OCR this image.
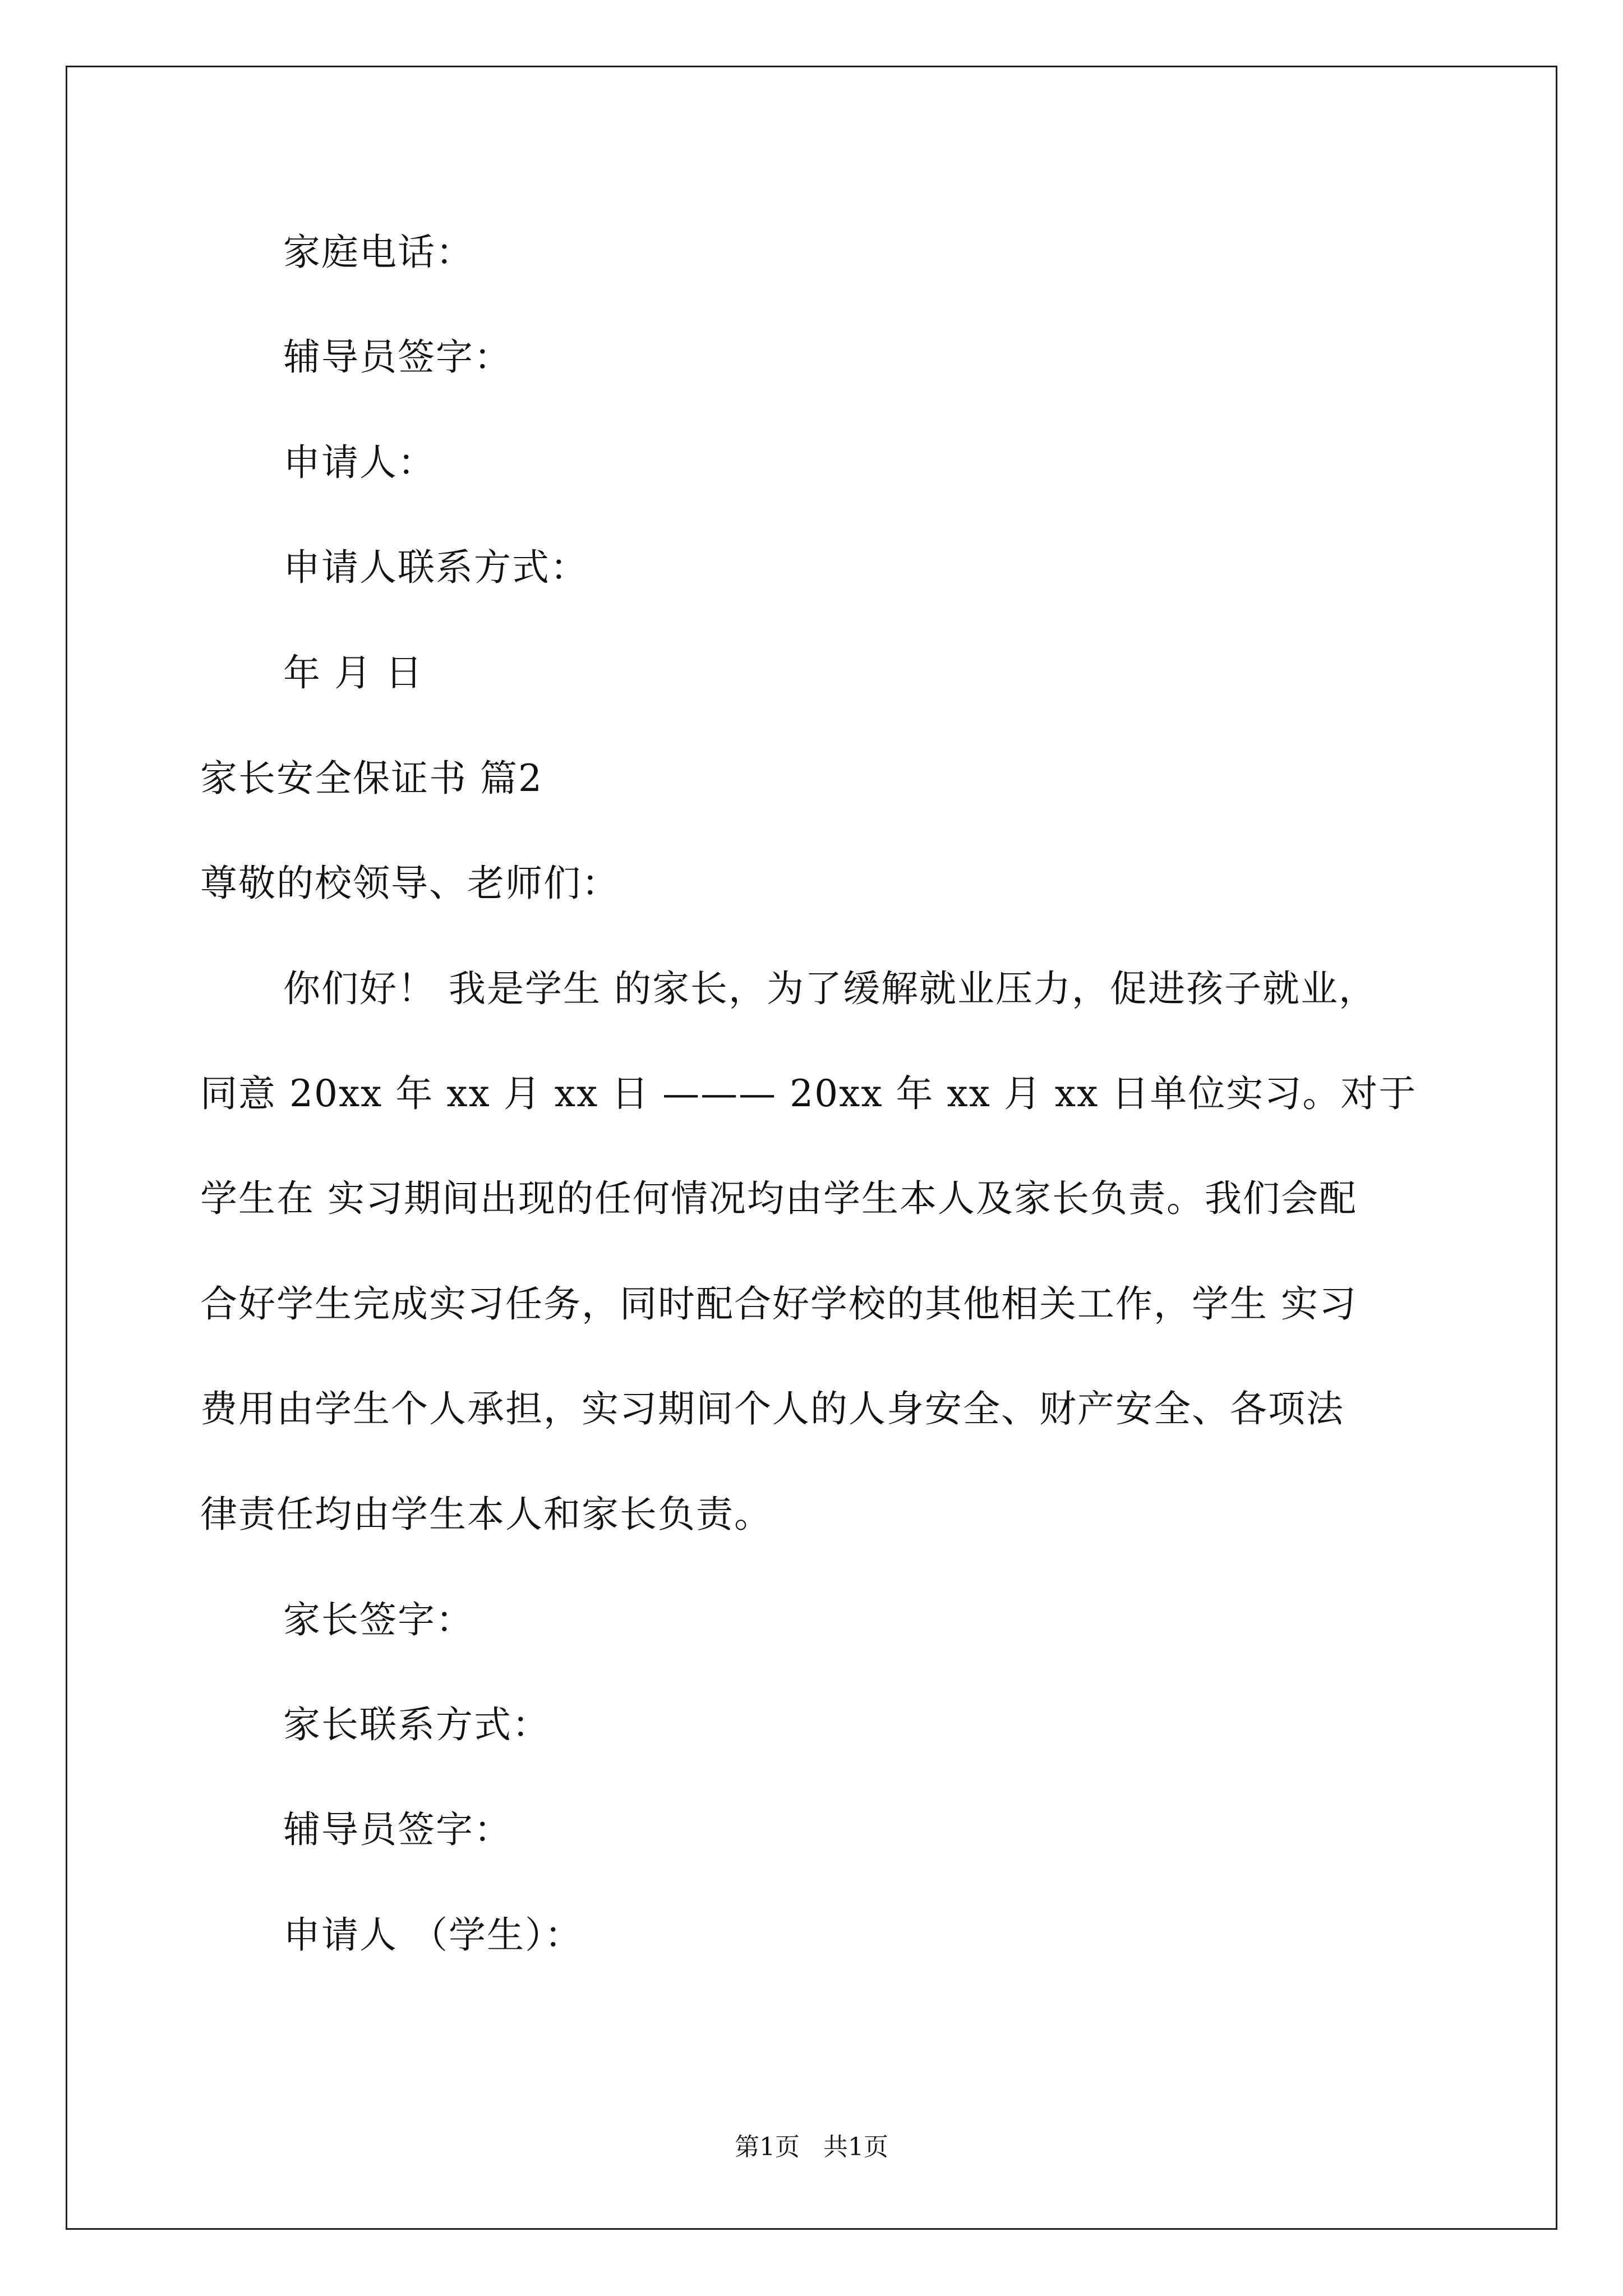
家庭电话：
辅导员签字：
申请人：
申请人联系方式：
年 月 日
家长安全保证书 篇2
尊敬的校领导、老师们：
你们好！ 我是学生 的家长，为了缓解就业压力，促进孩子就业，
同意 20xx 年 xx 月 xx 日 ——— 20xx 年 xx 月 xx 日单位实习。对于
学生在 实习期间出现的任何情况均由学生本人及家长负责。我们会配
合好学生完成实习任务，同时配合好学校的其他相关工作，学生 实习
费用由学生个人承担，实习期间个人的人身安全、财产安全、各项法
律责任均由学生本人和家长负责。
家长签字：
家长联系方式：
辅导员签字：
申请人 （学生）：
第1页   共1页
